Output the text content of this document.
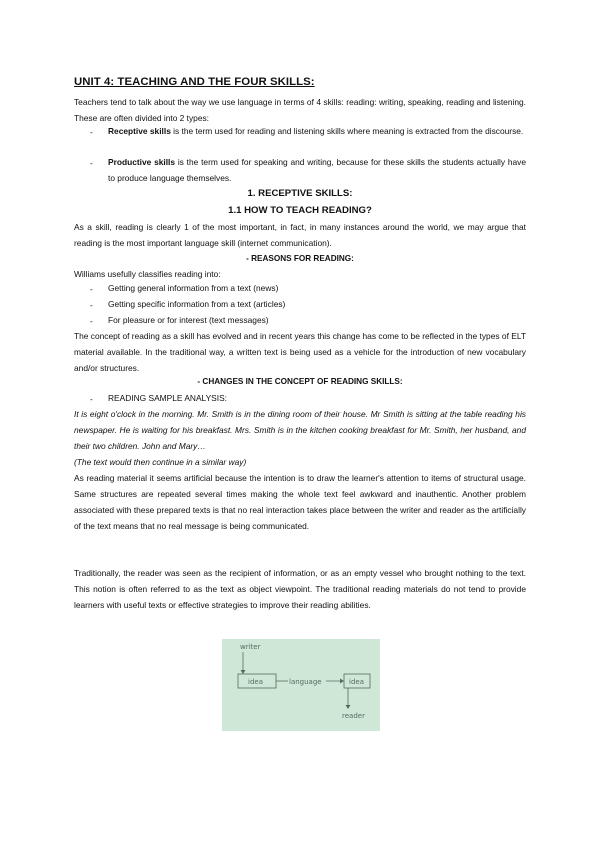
UNIT 4: TEACHING AND THE FOUR SKILLS:
Teachers tend to talk about the way we use language in terms of 4 skills: reading: writing, speaking, reading and listening. These are often divided into 2 types:
- Receptive skills is the term used for reading and listening skills where meaning is extracted from the discourse.
- Productive skills is the term used for speaking and writing, because for these skills the students actually have to produce language themselves.
1. RECEPTIVE SKILLS:
1.1 HOW TO TEACH READING?
As a skill, reading is clearly 1 of the most important, in fact, in many instances around the world, we may argue that reading is the most important language skill (internet communication).
- REASONS FOR READING:
Williams usefully classifies reading into:
- Getting general information from a text (news)
- Getting specific information from a text (articles)
- For pleasure or for interest (text messages)
The concept of reading as a skill has evolved and in recent years this change has come to be reflected in the types of ELT material available. In the traditional way, a written text is being used as a vehicle for the introduction of new vocabulary and/or structures.
- CHANGES IN THE CONCEPT OF READING SKILLS:
- READING SAMPLE ANALYSIS:
It is eight o'clock in the morning. Mr. Smith is in the dining room of their house. Mr Smith is sitting at the table reading his newspaper. He is waiting for his breakfast. Mrs. Smith is in the kitchen cooking breakfast for Mr. Smith, her husband, and their two children. John and Mary…
(The text would then continue in a similar way)
As reading material it seems artificial because the intention is to draw the learner's attention to items of structural usage. Same structures are repeated several times making the whole text feel awkward and inauthentic. Another problem associated with these prepared texts is that no real interaction takes place between the writer and reader as the artificially of the text means that no real message is being communicated.
Traditionally, the reader was seen as the recipient of information, or as an empty vessel who brought nothing to the text. This notion is often referred to as the text as object viewpoint. The traditional reading materials do not tend to provide learners with useful texts or effective strategies to improve their reading abilities.
writer
idea	language	idea
reader
